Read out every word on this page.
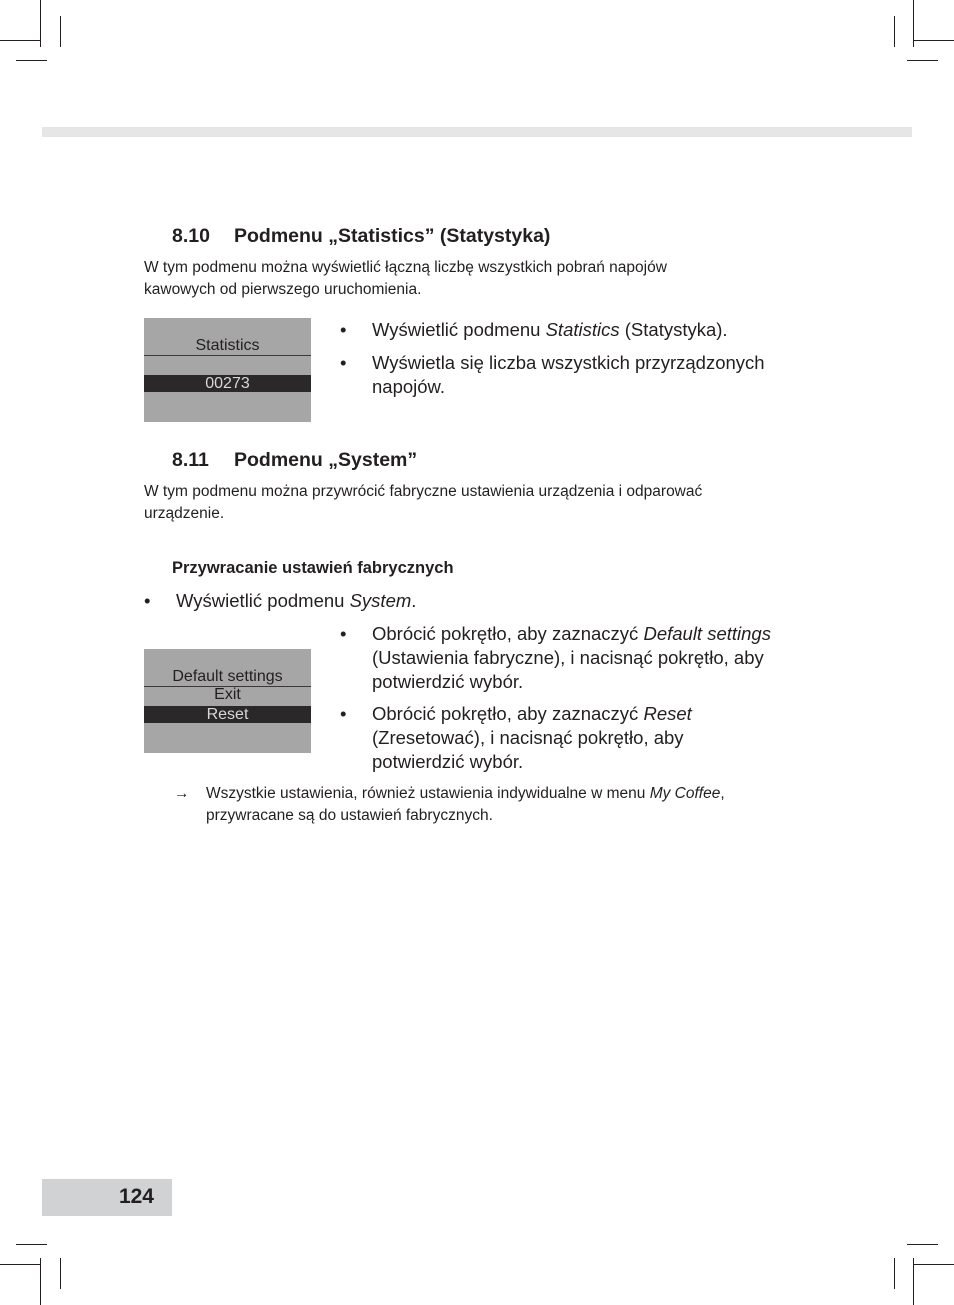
8.10 Podmenu „Statistics” (Statystyka)
W tym podmenu można wyświetlić łączną liczbę wszystkich pobrań napojów
kawowych od pierwszego uruchomienia.
Statistics
00273
• Wyświetlić podmenu Statistics (Statystyka).
• Wyświetla się liczba wszystkich przyrządzonych
napojów.
8.11 Podmenu „System”
W tym podmenu można przywrócić fabryczne ustawienia urządzenia i odparować
urządzenie.
Przywracanie ustawień fabrycznych
• Wyświetlić podmenu System.
Default settings
Exit
Reset
• Obrócić pokrętło, aby zaznaczyć Default settings
(Ustawienia fabryczne), i nacisnąć pokrętło, aby
potwierdzić wybór.
• Obrócić pokrętło, aby zaznaczyć Reset
(Zresetować), i nacisnąć pokrętło, aby
potwierdzić wybór.
→ Wszystkie ustawienia, również ustawienia indywidualne w menu My Coffee,
przywracane są do ustawień fabrycznych.
124
